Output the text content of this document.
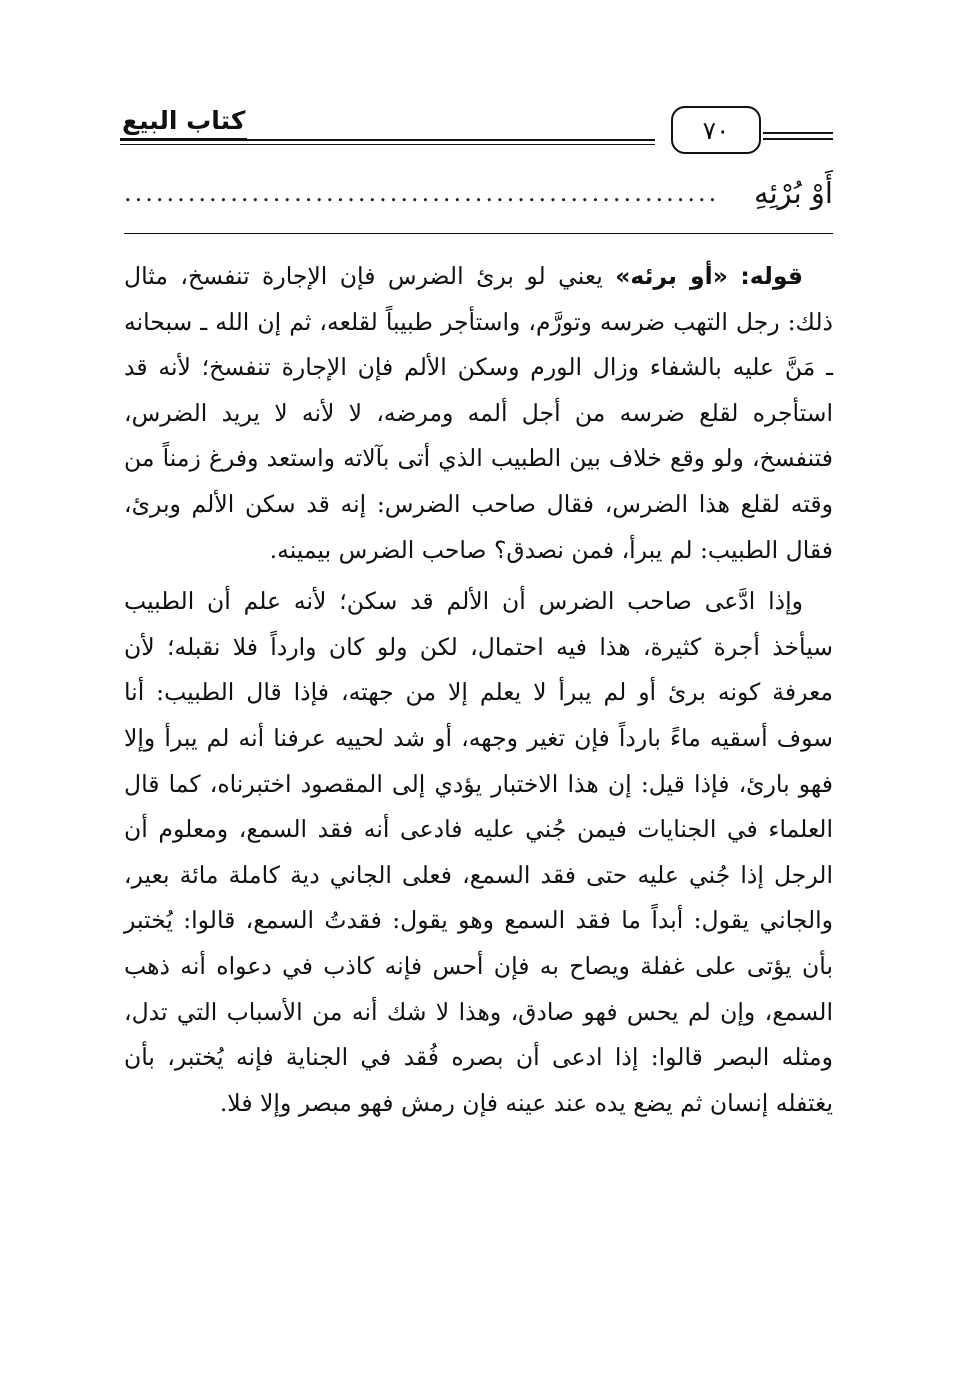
كتاب البيع	٧٠
أَوْ بُرْئِهِ
........................................................

قوله: «أو برئه» يعني لو برئ الضرس فإن الإجارة تنفسخ، مثال ذلك: رجل التهب ضرسه وتورَّم، واستأجر طبيباً لقلعه، ثم إن الله ـ سبحانه ـ مَنَّ عليه بالشفاء وزال الورم وسكن الألم فإن الإجارة تنفسخ؛ لأنه قد استأجره لقلع ضرسه من أجل ألمه ومرضه، لا لأنه لا يريد الضرس، فتنفسخ، ولو وقع خلاف بين الطبيب الذي أتى بآلاته واستعد وفرغ زمناً من وقته لقلع هذا الضرس، فقال صاحب الضرس: إنه قد سكن الألم وبرئ، فقال الطبيب: لم يبرأ، فمن نصدق؟ صاحب الضرس بيمينه.

وإذا ادَّعى صاحب الضرس أن الألم قد سكن؛ لأنه علم أن الطبيب سيأخذ أجرة كثيرة، هذا فيه احتمال، لكن ولو كان وارداً فلا نقبله؛ لأن معرفة كونه برئ أو لم يبرأ لا يعلم إلا من جهته، فإذا قال الطبيب: أنا سوف أسقيه ماءً بارداً فإن تغير وجهه، أو شد لحييه عرفنا أنه لم يبرأ وإلا فهو بارئ، فإذا قيل: إن هذا الاختبار يؤدي إلى المقصود اختبرناه، كما قال العلماء في الجنايات فيمن جُني عليه فادعى أنه فقد السمع، ومعلوم أن الرجل إذا جُني عليه حتى فقد السمع، فعلى الجاني دية كاملة مائة بعير، والجاني يقول: أبداً ما فقد السمع وهو يقول: فقدتُ السمع، قالوا: يُختبر بأن يؤتى على غفلة ويصاح به فإن أحس فإنه كاذب في دعواه أنه ذهب السمع، وإن لم يحس فهو صادق، وهذا لا شك أنه من الأسباب التي تدل، ومثله البصر قالوا: إذا ادعى أن بصره فُقد في الجناية فإنه يُختبر، بأن يغتفله إنسان ثم يضع يده عند عينه فإن رمش فهو مبصر وإلا فلا.
